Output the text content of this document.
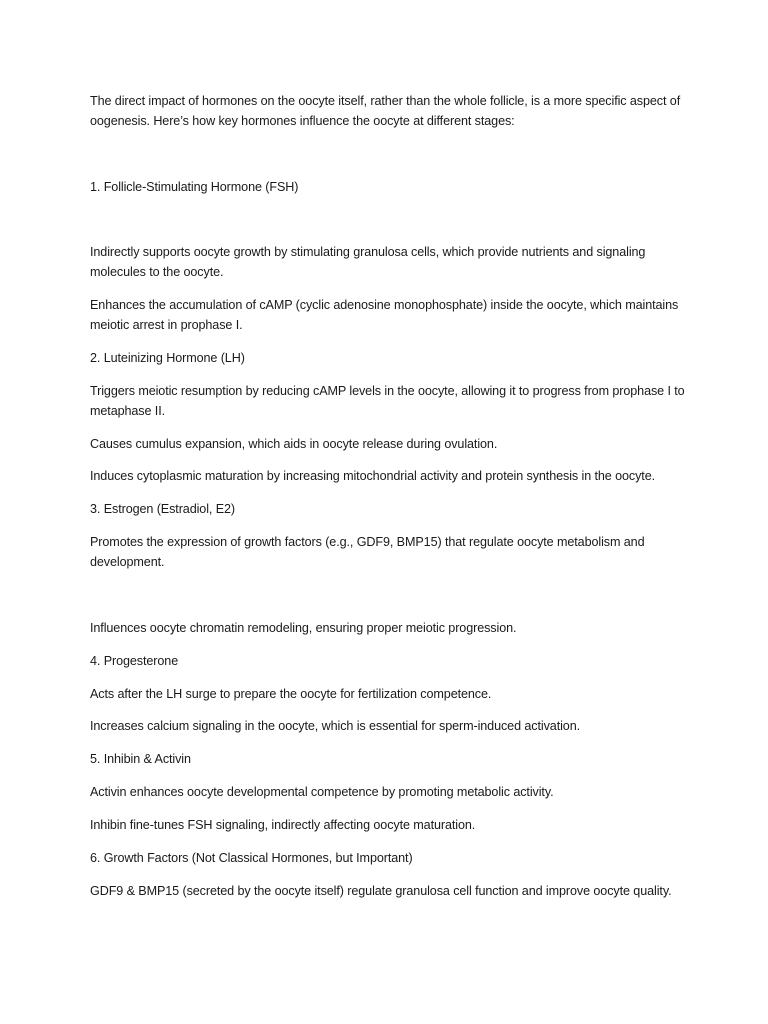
The direct impact of hormones on the oocyte itself, rather than the whole follicle, is a more specific aspect of oogenesis. Here’s how key hormones influence the oocyte at different stages:

1. Follicle-Stimulating Hormone (FSH)

Indirectly supports oocyte growth by stimulating granulosa cells, which provide nutrients and signaling molecules to the oocyte.

Enhances the accumulation of cAMP (cyclic adenosine monophosphate) inside the oocyte, which maintains meiotic arrest in prophase I.

2. Luteinizing Hormone (LH)

Triggers meiotic resumption by reducing cAMP levels in the oocyte, allowing it to progress from prophase I to metaphase II.

Causes cumulus expansion, which aids in oocyte release during ovulation.

Induces cytoplasmic maturation by increasing mitochondrial activity and protein synthesis in the oocyte.

3. Estrogen (Estradiol, E2)

Promotes the expression of growth factors (e.g., GDF9, BMP15) that regulate oocyte metabolism and development.

Influences oocyte chromatin remodeling, ensuring proper meiotic progression.

4. Progesterone

Acts after the LH surge to prepare the oocyte for fertilization competence.

Increases calcium signaling in the oocyte, which is essential for sperm-induced activation.

5. Inhibin & Activin

Activin enhances oocyte developmental competence by promoting metabolic activity.

Inhibin fine-tunes FSH signaling, indirectly affecting oocyte maturation.

6. Growth Factors (Not Classical Hormones, but Important)

GDF9 & BMP15 (secreted by the oocyte itself) regulate granulosa cell function and improve oocyte quality.
